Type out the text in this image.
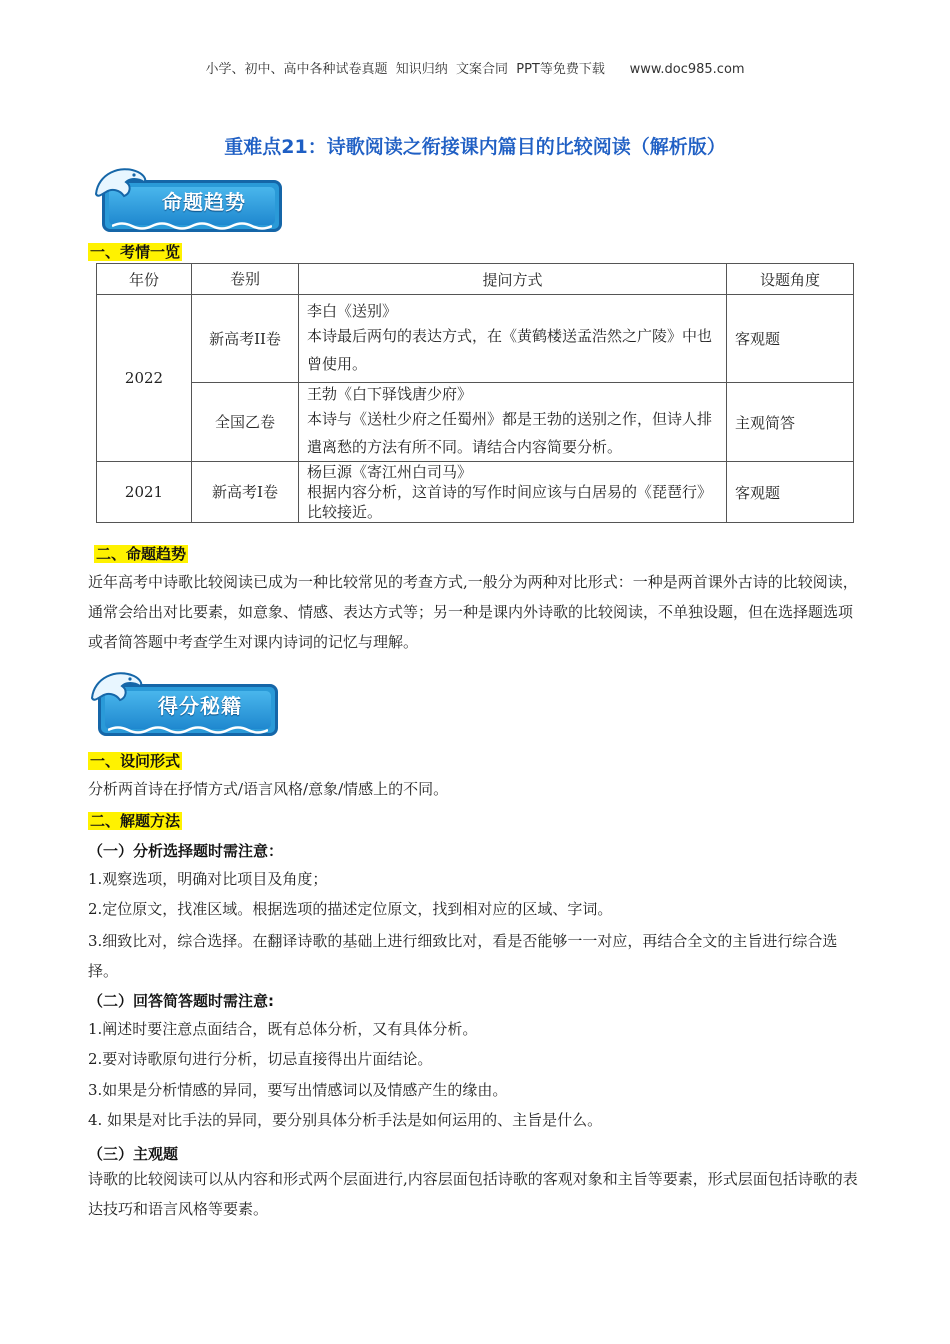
小学、初中、高中各种试卷真题  知识归纳  文案合同  PPT等免费下载 www.doc985.com
重难点21：诗歌阅读之衔接课内篇目的比较阅读（解析版）
命题趋势
一、考情一览
年份	卷别	提问方式	设题角度
2022	新高考II卷	李白《送别》
本诗最后两句的表达方式，在《黄鹤楼送孟浩然之广陵》中也曾使用。	客观题
	全国乙卷	王勃《白下驿饯唐少府》
本诗与《送杜少府之任蜀州》都是王勃的送别之作，但诗人排遣离愁的方法有所不同。请结合内容简要分析。	主观简答
2021	新高考Ⅰ卷	杨巨源《寄江州白司马》
根据内容分析，这首诗的写作时间应该与白居易的《琵琶行》比较接近。	客观题
二、命题趋势
近年高考中诗歌比较阅读已成为一种比较常见的考查方式,一般分为两种对比形式：一种是两首课外古诗的比较阅读，通常会给出对比要素，如意象、情感、表达方式等；另一种是课内外诗歌的比较阅读，不单独设题，但在选择题选项或者简答题中考查学生对课内诗词的记忆与理解。
得分秘籍
一、设问形式
分析两首诗在抒情方式/语言风格/意象/情感上的不同。
二、解题方法
（一）分析选择题时需注意：
1.观察选项，明确对比项目及角度；
2.定位原文，找准区域。根据选项的描述定位原文，找到相对应的区域、字词。
3.细致比对，综合选择。在翻译诗歌的基础上进行细致比对，看是否能够一一对应，再结合全文的主旨进行综合选择。
（二）回答简答题时需注意:
1.阐述时要注意点面结合，既有总体分析，又有具体分析。
2.要对诗歌原句进行分析，切忌直接得出片面结论。
3.如果是分析情感的异同，要写出情感词以及情感产生的缘由。
4. 如果是对比手法的异同，要分别具体分析手法是如何运用的、主旨是什么。
（三）主观题
诗歌的比较阅读可以从内容和形式两个层面进行,内容层面包括诗歌的客观对象和主旨等要素，形式层面包括诗歌的表达技巧和语言风格等要素。
